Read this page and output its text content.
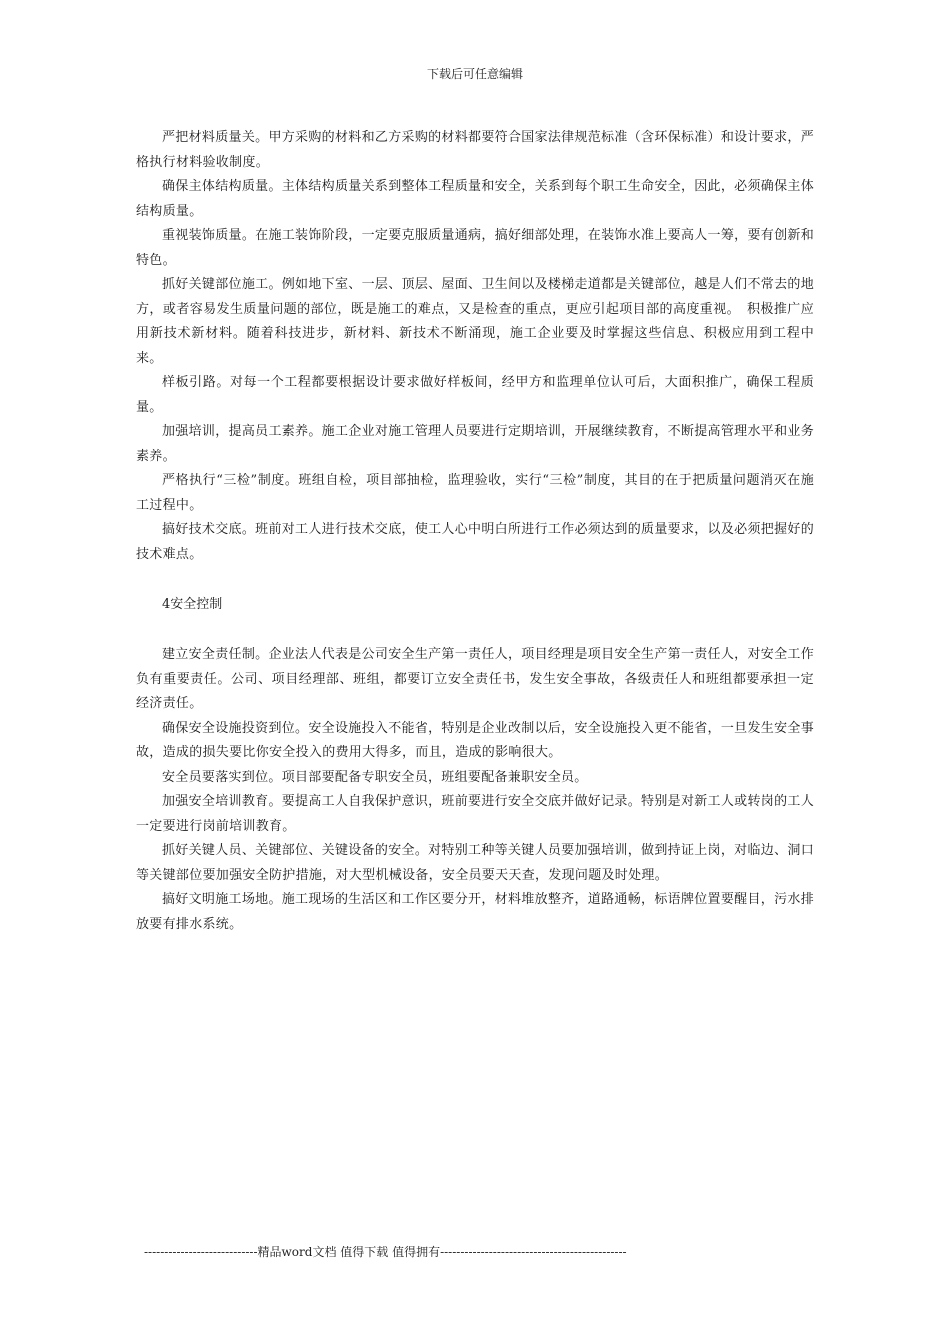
下载后可任意编辑

严把材料质量关。甲方采购的材料和乙方采购的材料都要符合国家法律规范标准（含环保标准）和设计要求，严格执行材料验收制度。

确保主体结构质量。主体结构质量关系到整体工程质量和安全，关系到每个职工生命安全，因此，必须确保主体结构质量。

重视装饰质量。在施工装饰阶段，一定要克服质量通病，搞好细部处理，在装饰水准上要高人一筹，要有创新和特色。

抓好关键部位施工。例如地下室、一层、顶层、屋面、卫生间以及楼梯走道都是关键部位，越是人们不常去的地方，或者容易发生质量问题的部位，既是施工的难点，又是检查的重点，更应引起项目部的高度重视。　积极推广应用新技术新材料。随着科技进步，新材料、新技术不断涌现，施工企业要及时掌握这些信息、积极应用到工程中来。

样板引路。对每一个工程都要根据设计要求做好样板间，经甲方和监理单位认可后，大面积推广，确保工程质量。

加强培训，提高员工素养。施工企业对施工管理人员要进行定期培训，开展继续教育，不断提高管理水平和业务素养。

严格执行“三检”制度。班组自检，项目部抽检，监理验收，实行“三检”制度，其目的在于把质量问题消灭在施工过程中。

搞好技术交底。班前对工人进行技术交底，使工人心中明白所进行工作必须达到的质量要求，以及必须把握好的技术难点。

4安全控制

建立安全责任制。企业法人代表是公司安全生产第一责任人，项目经理是项目安全生产第一责任人，对安全工作负有重要责任。公司、项目经理部、班组，都要订立安全责任书，发生安全事故，各级责任人和班组都要承担一定经济责任。

确保安全设施投资到位。安全设施投入不能省，特别是企业改制以后，安全设施投入更不能省，一旦发生安全事故，造成的损失要比你安全投入的费用大得多，而且，造成的影响很大。

安全员要落实到位。项目部要配备专职安全员，班组要配备兼职安全员。

加强安全培训教育。要提高工人自我保护意识，班前要进行安全交底并做好记录。特别是对新工人或转岗的工人一定要进行岗前培训教育。

抓好关键人员、关键部位、关键设备的安全。对特别工种等关键人员要加强培训，做到持证上岗，对临边、洞口等关键部位要加强安全防护措施，对大型机械设备，安全员要天天查，发现问题及时处理。

搞好文明施工场地。施工现场的生活区和工作区要分开，材料堆放整齐，道路通畅，标语牌位置要醒目，污水排放要有排水系统。

----------------------------精品word文档 值得下载 值得拥有----------------------------------------------
